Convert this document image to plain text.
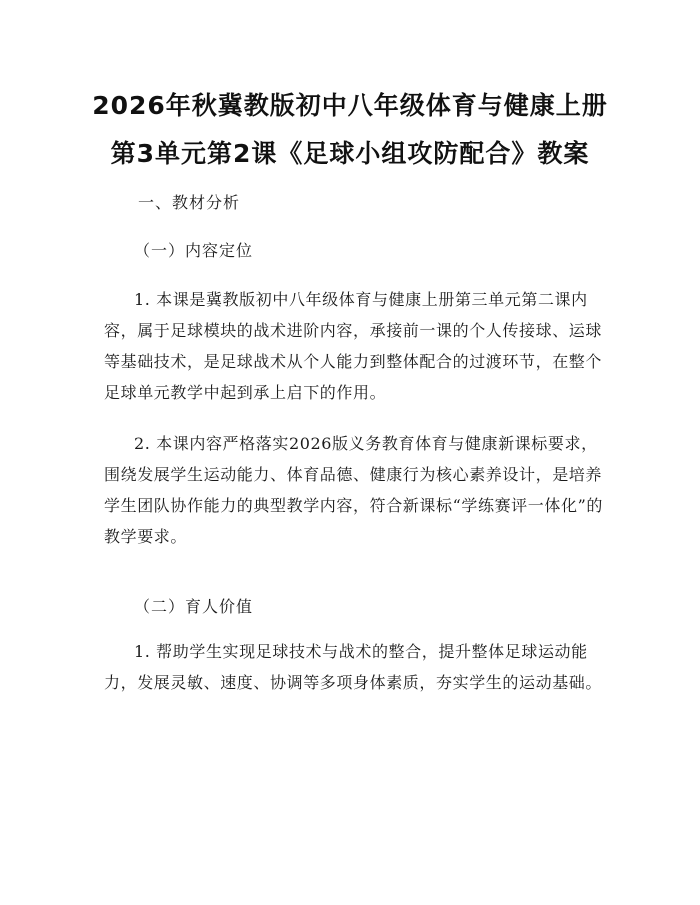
2026年秋冀教版初中八年级体育与健康上册
第3单元第2课《足球小组攻防配合》教案
一、教材分析
（一）内容定位

1. 本课是冀教版初中八年级体育与健康上册第三单元第二课内容，属于足球模块的战术进阶内容，承接前一课的个人传接球、运球等基础技术，是足球战术从个人能力到整体配合的过渡环节，在整个足球单元教学中起到承上启下的作用。

2. 本课内容严格落实2026版义务教育体育与健康新课标要求，围绕发展学生运动能力、体育品德、健康行为核心素养设计，是培养学生团队协作能力的典型教学内容，符合新课标“学练赛评一体化”的教学要求。

（二）育人价值

1. 帮助学生实现足球技术与战术的整合，提升整体足球运动能力，发展灵敏、速度、协调等多项身体素质，夯实学生的运动基础。
